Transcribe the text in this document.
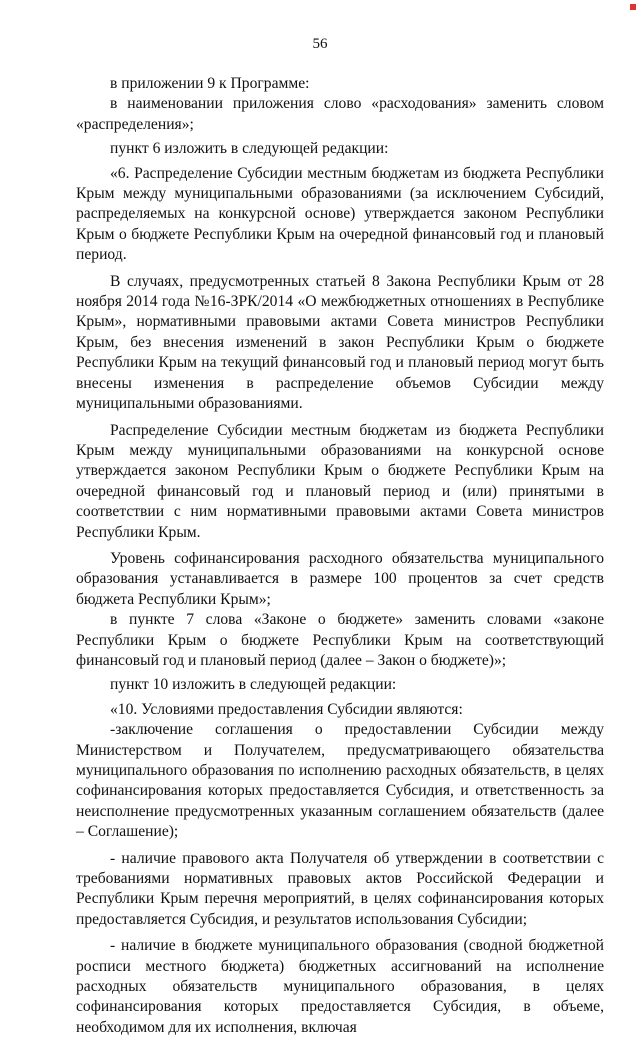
56

в приложении 9 к Программе:

в наименовании приложения слово «расходования» заменить словом «распределения»;

пункт 6 изложить в следующей редакции:

«6. Распределение Субсидии местным бюджетам из бюджета Республики Крым между муниципальными образованиями (за исключением Субсидий, распределяемых на конкурсной основе) утверждается законом Республики Крым о бюджете Республики Крым на очередной финансовый год и плановый период.

В случаях, предусмотренных статьей 8 Закона Республики Крым от 28 ноября 2014 года №16-ЗРК/2014 «О межбюджетных отношениях в Республике Крым», нормативными правовыми актами Совета министров Республики Крым, без внесения изменений в закон Республики Крым о бюджете Республики Крым на текущий финансовый год и плановый период могут быть внесены изменения в распределение объемов Субсидии между муниципальными образованиями.

Распределение Субсидии местным бюджетам из бюджета Республики Крым между муниципальными образованиями на конкурсной основе утверждается законом Республики Крым о бюджете Республики Крым на очередной финансовый год и плановый период и (или) принятыми в соответствии с ним нормативными правовыми актами Совета министров Республики Крым.

Уровень софинансирования расходного обязательства муниципального образования устанавливается в размере 100 процентов за счет средств бюджета Республики Крым»;

в пункте 7 слова «Законе о бюджете» заменить словами «законе Республики Крым о бюджете Республики Крым на соответствующий финансовый год и плановый период (далее – Закон о бюджете)»;

пункт 10 изложить в следующей редакции:

«10. Условиями предоставления Субсидии являются:

-заключение соглашения о предоставлении Субсидии между Министерством и Получателем, предусматривающего обязательства муниципального образования по исполнению расходных обязательств, в целях софинансирования которых предоставляется Субсидия, и ответственность за неисполнение предусмотренных указанным соглашением обязательств (далее – Соглашение);

- наличие правового акта Получателя об утверждении в соответствии с требованиями нормативных правовых актов Российской Федерации и Республики Крым перечня мероприятий, в целях софинансирования которых предоставляется Субсидия, и результатов использования Субсидии;

- наличие в бюджете муниципального образования (сводной бюджетной росписи местного бюджета) бюджетных ассигнований на исполнение расходных обязательств муниципального образования, в целях софинансирования которых предоставляется Субсидия, в объеме, необходимом для их исполнения, включая
